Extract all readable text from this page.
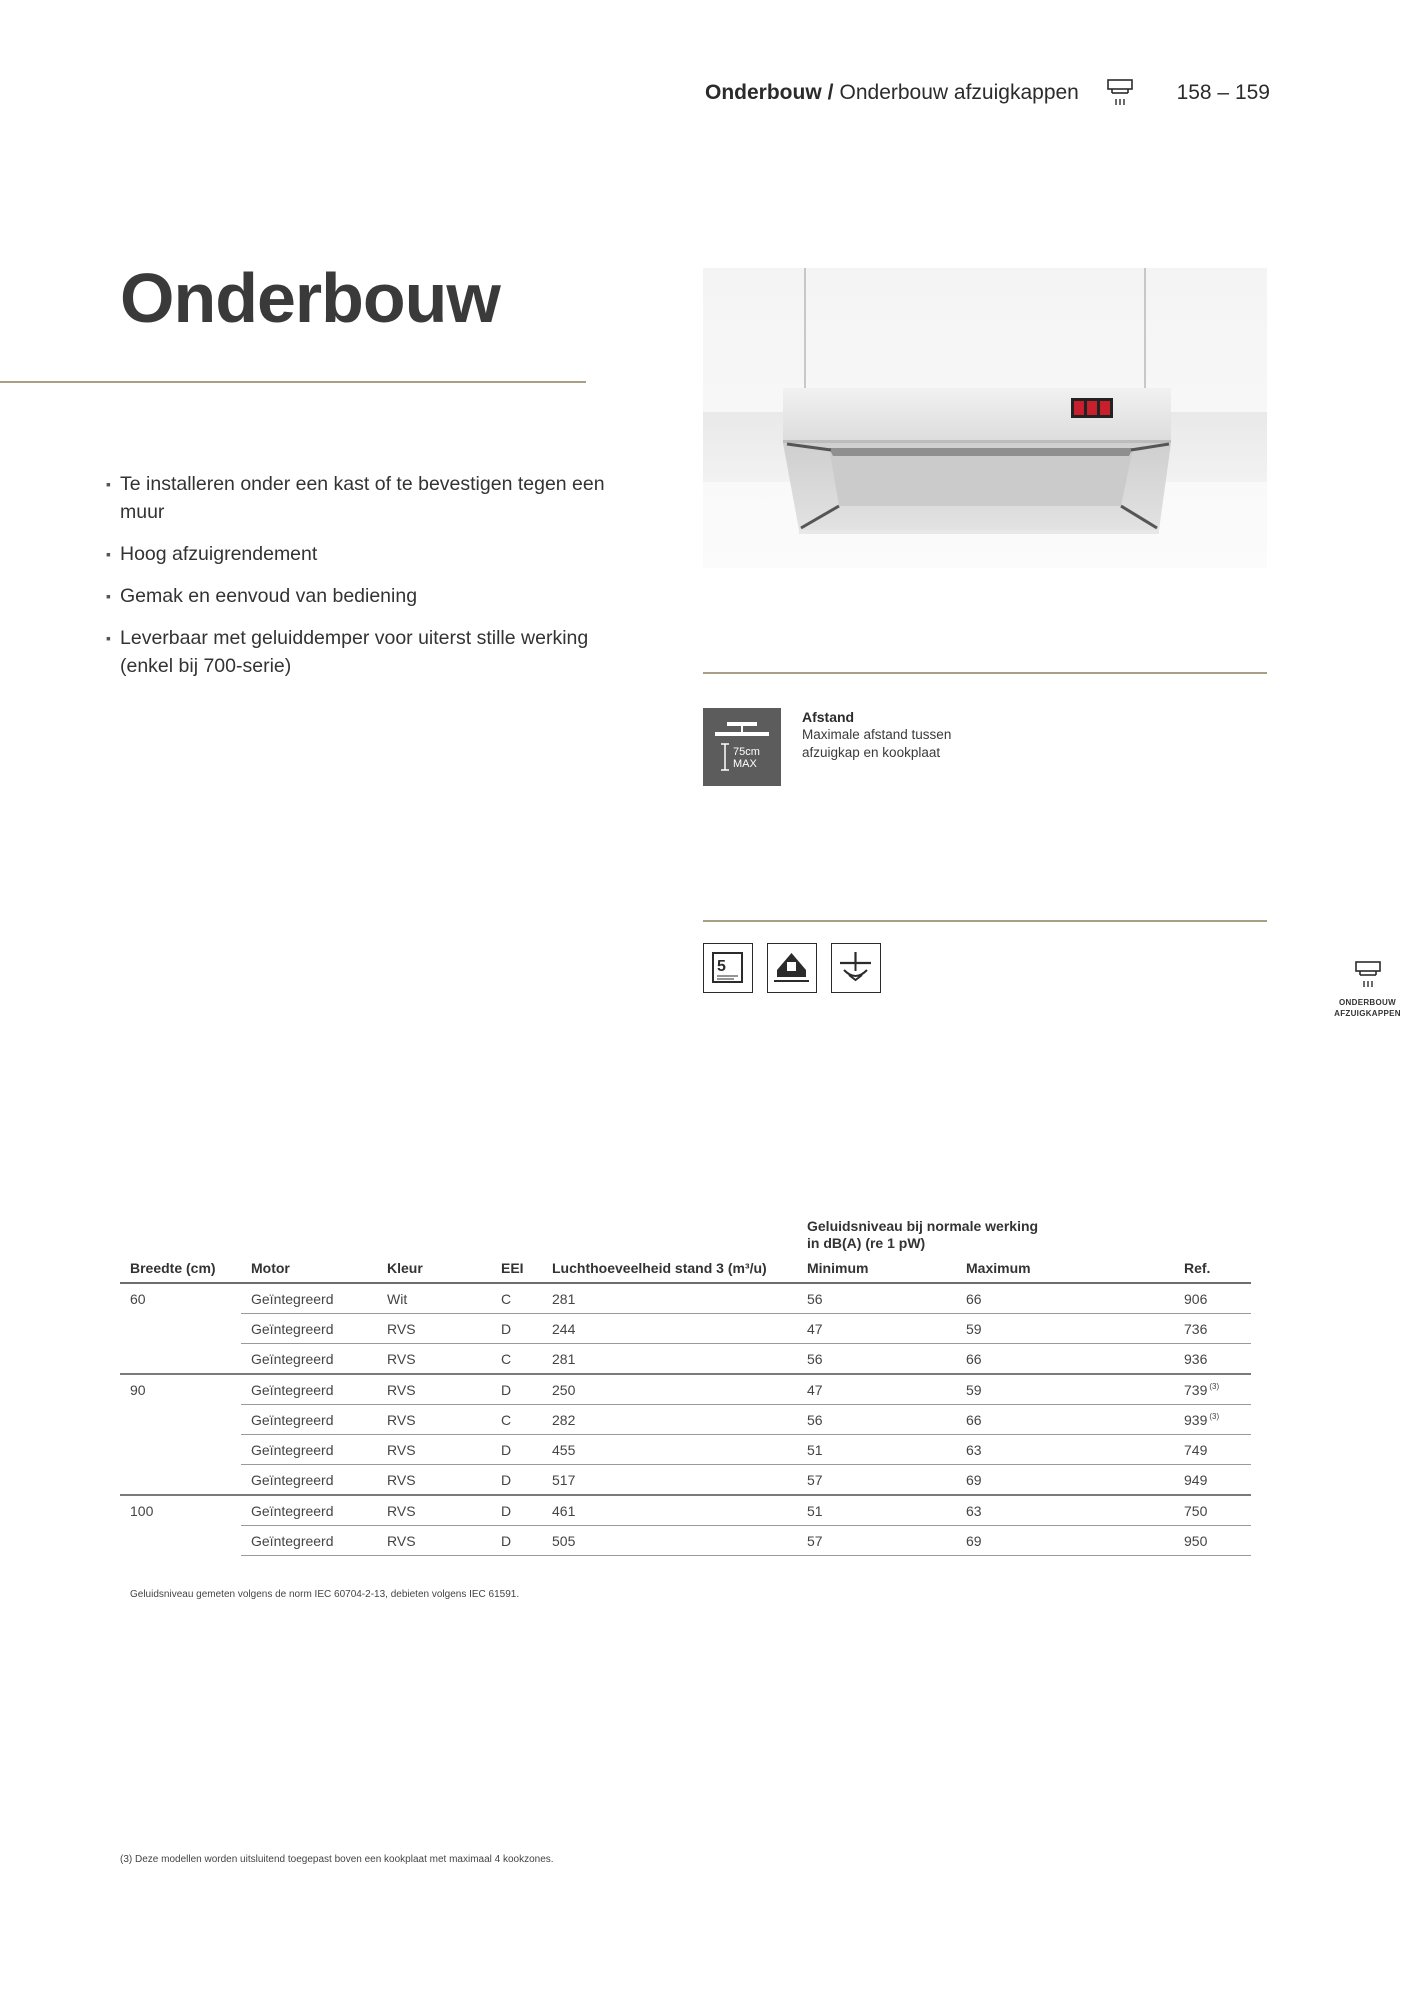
Onderbouw / Onderbouw afzuigkappen	158 – 159
Onderbouw
▪ Te installeren onder een kast of te bevestigen tegen een muur
▪ Hoog afzuigrendement
▪ Gemak en eenvoud van bediening
▪ Leverbaar met geluiddemper voor uiterst stille werking (enkel bij 700-serie)
75cm
MAX
Afstand
Maximale afstand tussen afzuigkap en kookplaat
5
ONDERBOUW
AFZUIGKAPPEN
					Geluidsniveau bij normale werking in dB(A) (re 1 pW)		
Breedte (cm)	Motor	Kleur	EEI	Luchthoeveelheid stand 3 (m³/u)	Minimum	Maximum	Ref.
60	Geïntegreerd	Wit	C	281	56	66	906
	Geïntegreerd	RVS	D	244	47	59	736
	Geïntegreerd	RVS	C	281	56	66	936
90	Geïntegreerd	RVS	D	250	47	59	739 $^{(3)}$
	Geïntegreerd	RVS	C	282	56	66	939 $^{(3)}$
	Geïntegreerd	RVS	D	455	51	63	749
	Geïntegreerd	RVS	D	517	57	69	949
100	Geïntegreerd	RVS	D	461	51	63	750
	Geïntegreerd	RVS	D	505	57	69	950
Geluidsniveau gemeten volgens de norm IEC 60704-2-13, debieten volgens IEC 61591.
(3) Deze modellen worden uitsluitend toegepast boven een kookplaat met maximaal 4 kookzones.
